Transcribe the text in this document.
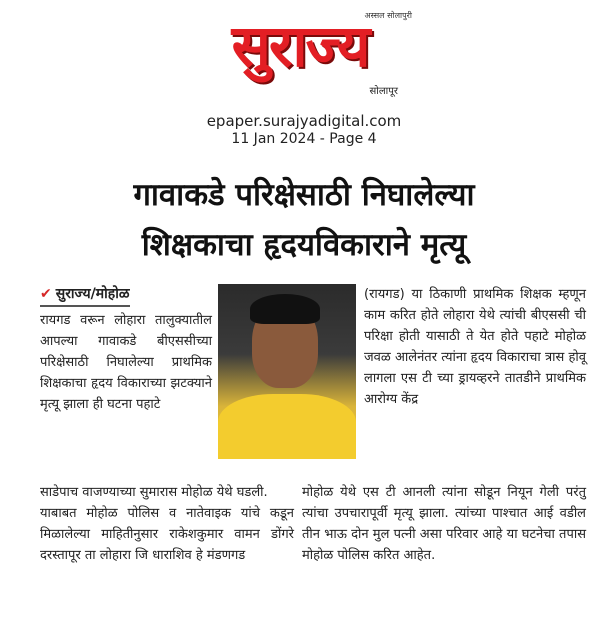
अस्सल सोलापुरी
सुराज्य
सोलापूर
epaper.surajyadigital.com
11 Jan 2024 - Page 4
गावाकडे परिक्षेसाठी निघालेल्या
शिक्षकाचा हृदयविकाराने मृत्यू
✔ सुराज्य/मोहोळ

रायगड वरून लोहारा तालुक्यातील आपल्या गावाकडे बीएससीच्या परिक्षेसाठी निघालेल्या प्राथमिक शिक्षकाचा हृदय विकाराच्या झटक्याने मृत्यू झाला ही घटना पहाटे

साडेपाच वाजण्याच्या सुमारास मोहोळ येथे घडली.

याबाबत मोहोळ पोलिस व नातेवाइक यांचे कडून मिळालेल्या माहितीनुसार राकेशकुमार वामन डोंगरे दरस्तापूर ता लोहारा जि धाराशिव हे मंडणगड

(रायगड) या ठिकाणी प्राथमिक शिक्षक म्हणून काम करित होते लोहारा येथे त्यांची बीएससी ची परिक्षा होती यासाठी ते येत होते पहाटे मोहोळ जवळ आलेनंतर त्यांना हृदय विकाराचा त्रास होवू लागला एस टी च्या ड्रायव्हरने तातडीने प्राथमिक आरोग्य केंद्र

मोहोळ येथे एस टी आनली त्यांना सोडून नियून गेली परंतु त्यांचा उपचारापूर्वी मृत्यू झाला. त्यांच्या पाश्चात आई वडील तीन भाऊ दोन मुल पत्नी असा परिवार आहे या घटनेचा तपास मोहोळ पोलिस करित आहेत.
